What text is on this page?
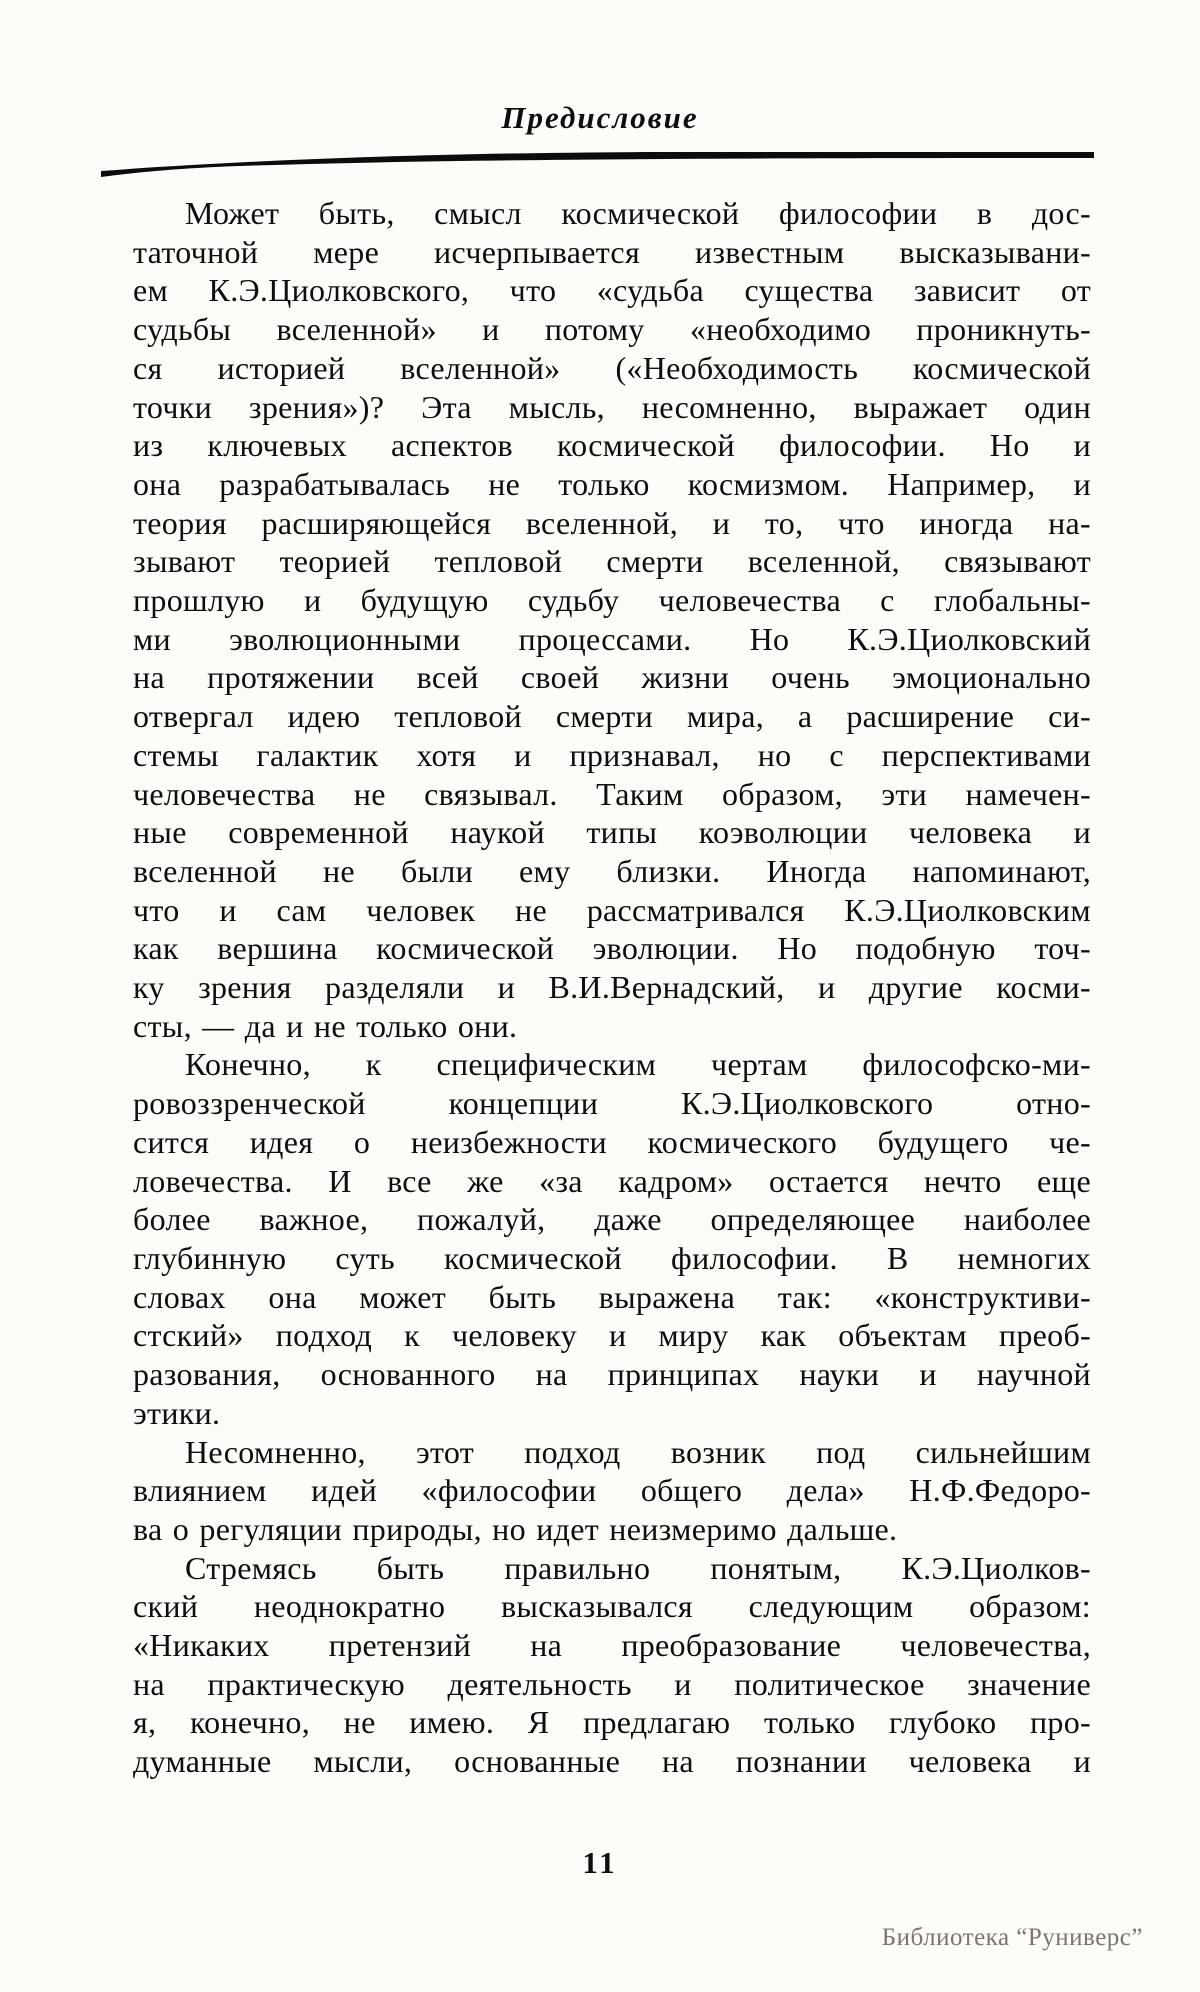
Предисловие
Может быть, смысл космической философии в дос-
таточной мере исчерпывается известным высказывани-
ем К.Э.Циолковского, что «судьба существа зависит от
судьбы вселенной» и потому «необходимо проникнуть-
ся историей вселенной» («Необходимость космической
точки зрения»)? Эта мысль, несомненно, выражает один
из ключевых аспектов космической философии. Но и
она разрабатывалась не только космизмом. Например, и
теория расширяющейся вселенной, и то, что иногда на-
зывают теорией тепловой смерти вселенной, связывают
прошлую и будущую судьбу человечества с глобальны-
ми эволюционными процессами. Но К.Э.Циолковский
на протяжении всей своей жизни очень эмоционально
отвергал идею тепловой смерти мира, а расширение си-
стемы галактик хотя и признавал, но с перспективами
человечества не связывал. Таким образом, эти намечен-
ные современной наукой типы коэволюции человека и
вселенной не были ему близки. Иногда напоминают,
что и сам человек не рассматривался К.Э.Циолковским
как вершина космической эволюции. Но подобную точ-
ку зрения разделяли и В.И.Вернадский, и другие косми-
сты, — да и не только они.
Конечно, к специфическим чертам философско-ми-
ровоззренческой концепции К.Э.Циолковского отно-
сится идея о неизбежности космического будущего че-
ловечества. И все же «за кадром» остается нечто еще
более важное, пожалуй, даже определяющее наиболее
глубинную суть космической философии. В немногих
словах она может быть выражена так: «конструктиви-
стский» подход к человеку и миру как объектам преоб-
разования, основанного на принципах науки и научной
этики.
Несомненно, этот подход возник под сильнейшим
влиянием идей «философии общего дела» Н.Ф.Федоро-
ва о регуляции природы, но идет неизмеримо дальше.
Стремясь быть правильно понятым, К.Э.Циолков-
ский неоднократно высказывался следующим образом:
«Никаких претензий на преобразование человечества,
на практическую деятельность и политическое значение
я, конечно, не имею. Я предлагаю только глубоко про-
думанные мысли, основанные на познании человека и
11
Библиотека “Руниверс”
